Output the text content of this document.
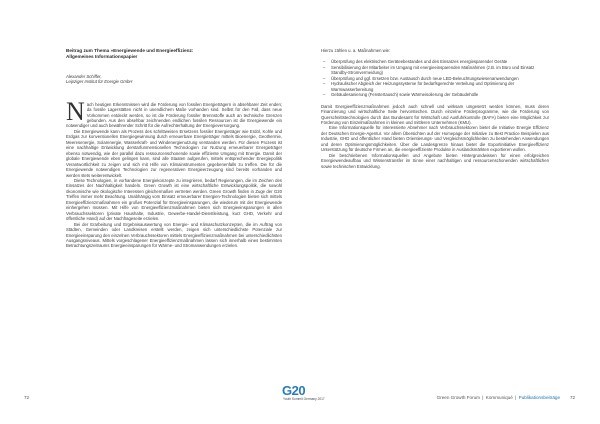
Beitrag zum Thema »Energiewende und Energieeffizienz:
Allgemeines Informationspapier
Alexander Schiffer,
Leipziger Institut für Energie GmbH

Nach heutigen Erkenntnissen wird die Förderung von fossilen Energieträgern in absehbarer Zeit enden; da fossile Lagerstätten nicht in unendlichem Maße vorhanden sind. Selbst für den Fall, dass neue Vorkommen entdeckt werden, so ist die Förderung fossiler Brennstoffe auch an technische Grenzen gebunden. Aus den absehbar zeichnenden endlichen fossilen Ressourcen ist die Energiewende ein notwendiger und auch bewährender Schritt für die Aufrechterhaltung der Energieversorgung.

Die Energiewende kann als Prozess des schrittweisen Ersetzens fossiler Energieträger wie Erdöl, Kohle und Erdgas zur konventionellen Energiegewinnung durch erneuerbare Energieträger mittels Bioenergie, Geothermie, Meeresenergie, Solarenergie, Wasserkraft- und Windenergienutzung verstanden werden. Für diesen Prozess ist eine nachhaltige Entwicklung derstarfunmensionellen Technologien zur Nutzung erneuerbarer Energieträger ebenso notwendig, wie der parallel dazu ressourcenschonende sowie effiziente Umgang mit Energie. Damit der globale Energiewende eben gelingen kann, sind alle Staaten aufgerufen, mittels entsprechender Energiepolitik Verantwortlichkeit zu zeigen und sich mit Hilfe von Klimainstrumenten gegebenenfalls zu treffen. Die für die Energiewende notwendigen Technologien zur regenerativen Energieerzeugung sind bereits vorhanden und werden stets weiterentwickelt.

Diese Technologien, in vorhandene Energiekonzepte zu integrieren, bedarf Regierungen, die im Zeichen des Einsatzes der Nachhaltigkeit handeln. Green Growth ist eine wirtschaftliche Entwicklungspolitik, die sowohl ökonomische wie ökologische Interessen gleichermaßen vertreten werden. Green Growth finden in Zuge der G20 Treffen immer mehr Beachtung. Unabhängig vom Einsatz erneuerbarer Energien-Technologien bieten sich mittels Energieeffizienzmaßnahmen ein großes Potenzial für Energieeinsparungen, die wiederum mit der Energiewende einhergehen müssen. Mit Hilfe von Energieeffizienzmaßnahmen bieten sich Energieeinsparungen in allen Verbrauchssektoren (private Haushalte, Industrie, Gewerbe-Handel-Dienstleistung, kurz GHD, Verkehr und öffentliche Hand) auf der Nachfrageseite erzielen.

Bei der Erarbeitung und Ergebnisauswertung von Energie- und Klimaschutzkonzepten, die im Auftrag von Städten, Gemeinden oder Landkreisen erstellt werden, zeigen sich unterschiedlichste Potenziale zur Energieeinsparung den einzelnen Verbrauchssektoren mittels Energieeffizienzmaßnahmen bei unterschiedlichsten Ausgangsniveaus. Mittels vorgeschlagener Energieeffizienzmaßnahmen lassen sich innerhalb eines bestimmten Betrachtungszeitraums Energieeinsparungen für Wärme- und Stromanwendungen erzielen.

Hierzu zählen u. a. Maßnahmen wie:
– Überprüfung des elektrischen Geräteebestandes und des Einsatzes energiesparender Geräte
– Sensibilisierung der Mitarbeiter im Umgang mit energieeinsparenden Maßnahmen (z.B. im Büro und Einsatz Standby-Stromvermeidung)
– Überprüfung und ggf. Ersetzen bzw. Austausch durch neue LED-Beleuchtungswiesenanwendungen
– Hydraulischer Abgleich der Heizungssysteme für bedarfsgerechte Verteilung und Optimierung der Warmwasserbereitung
– Gebäudesanierung (Fenstertausch) sowie Wärmeisolierung der Gebäudehülle

Damit Energieeffizienzmaßnahmen jedoch auch schnell und wirksam umgesetzt werden können, muss deren Finanzierung und wirtschaftliche Seite hervorstechen. Durch einzelne Förderprogramme, wie die Förderung von Querschnittstechnologien durch das Bundesamt für Wirtschaft und Ausfuhrkontrolle (BAFA) bieten eine Möglichkeit zur Förderung von Einzelmaßnahmen in kleinen und mittleren Unternehmen (KMU).

Eine Informationsquelle für interessierte Abnehmer nach Verbrauchssektoren bietet die Initiative Energie Effizienz der Deutschen Energie-Agentur. Vor allem Übersichten auf der Homepage der Initiative zu Best Practice Beispielen aus Industrie, GHD und öffentlicher Hand bieten Orientierungs- und Vergleichsmöglichkeiten zu bestehenden Anwendungen und deren Optimierungsmöglichkeiten. Über die Landesgrenze hinaus bietet die Exportinitiative Energieeffizienz Unterstützung für deutsche Firmen an, die energieeffiziente Produkte in Auslandsmärkten exportieren wollen.

Die beschriebenen Informationsquellen und Angebote bieten Hintergrundwissen für einen erfolgreichen Energiewendeaufbau und Wissenstransfer im Sinne einer nachhaltigen und ressourcenschonenden wirtschaftlichen sowie technischen Entwicklung.

G20
Youth Summit Germany 2017
72	Green Growth Forum | Kommuniqué | Publikationsbeiträge 72
